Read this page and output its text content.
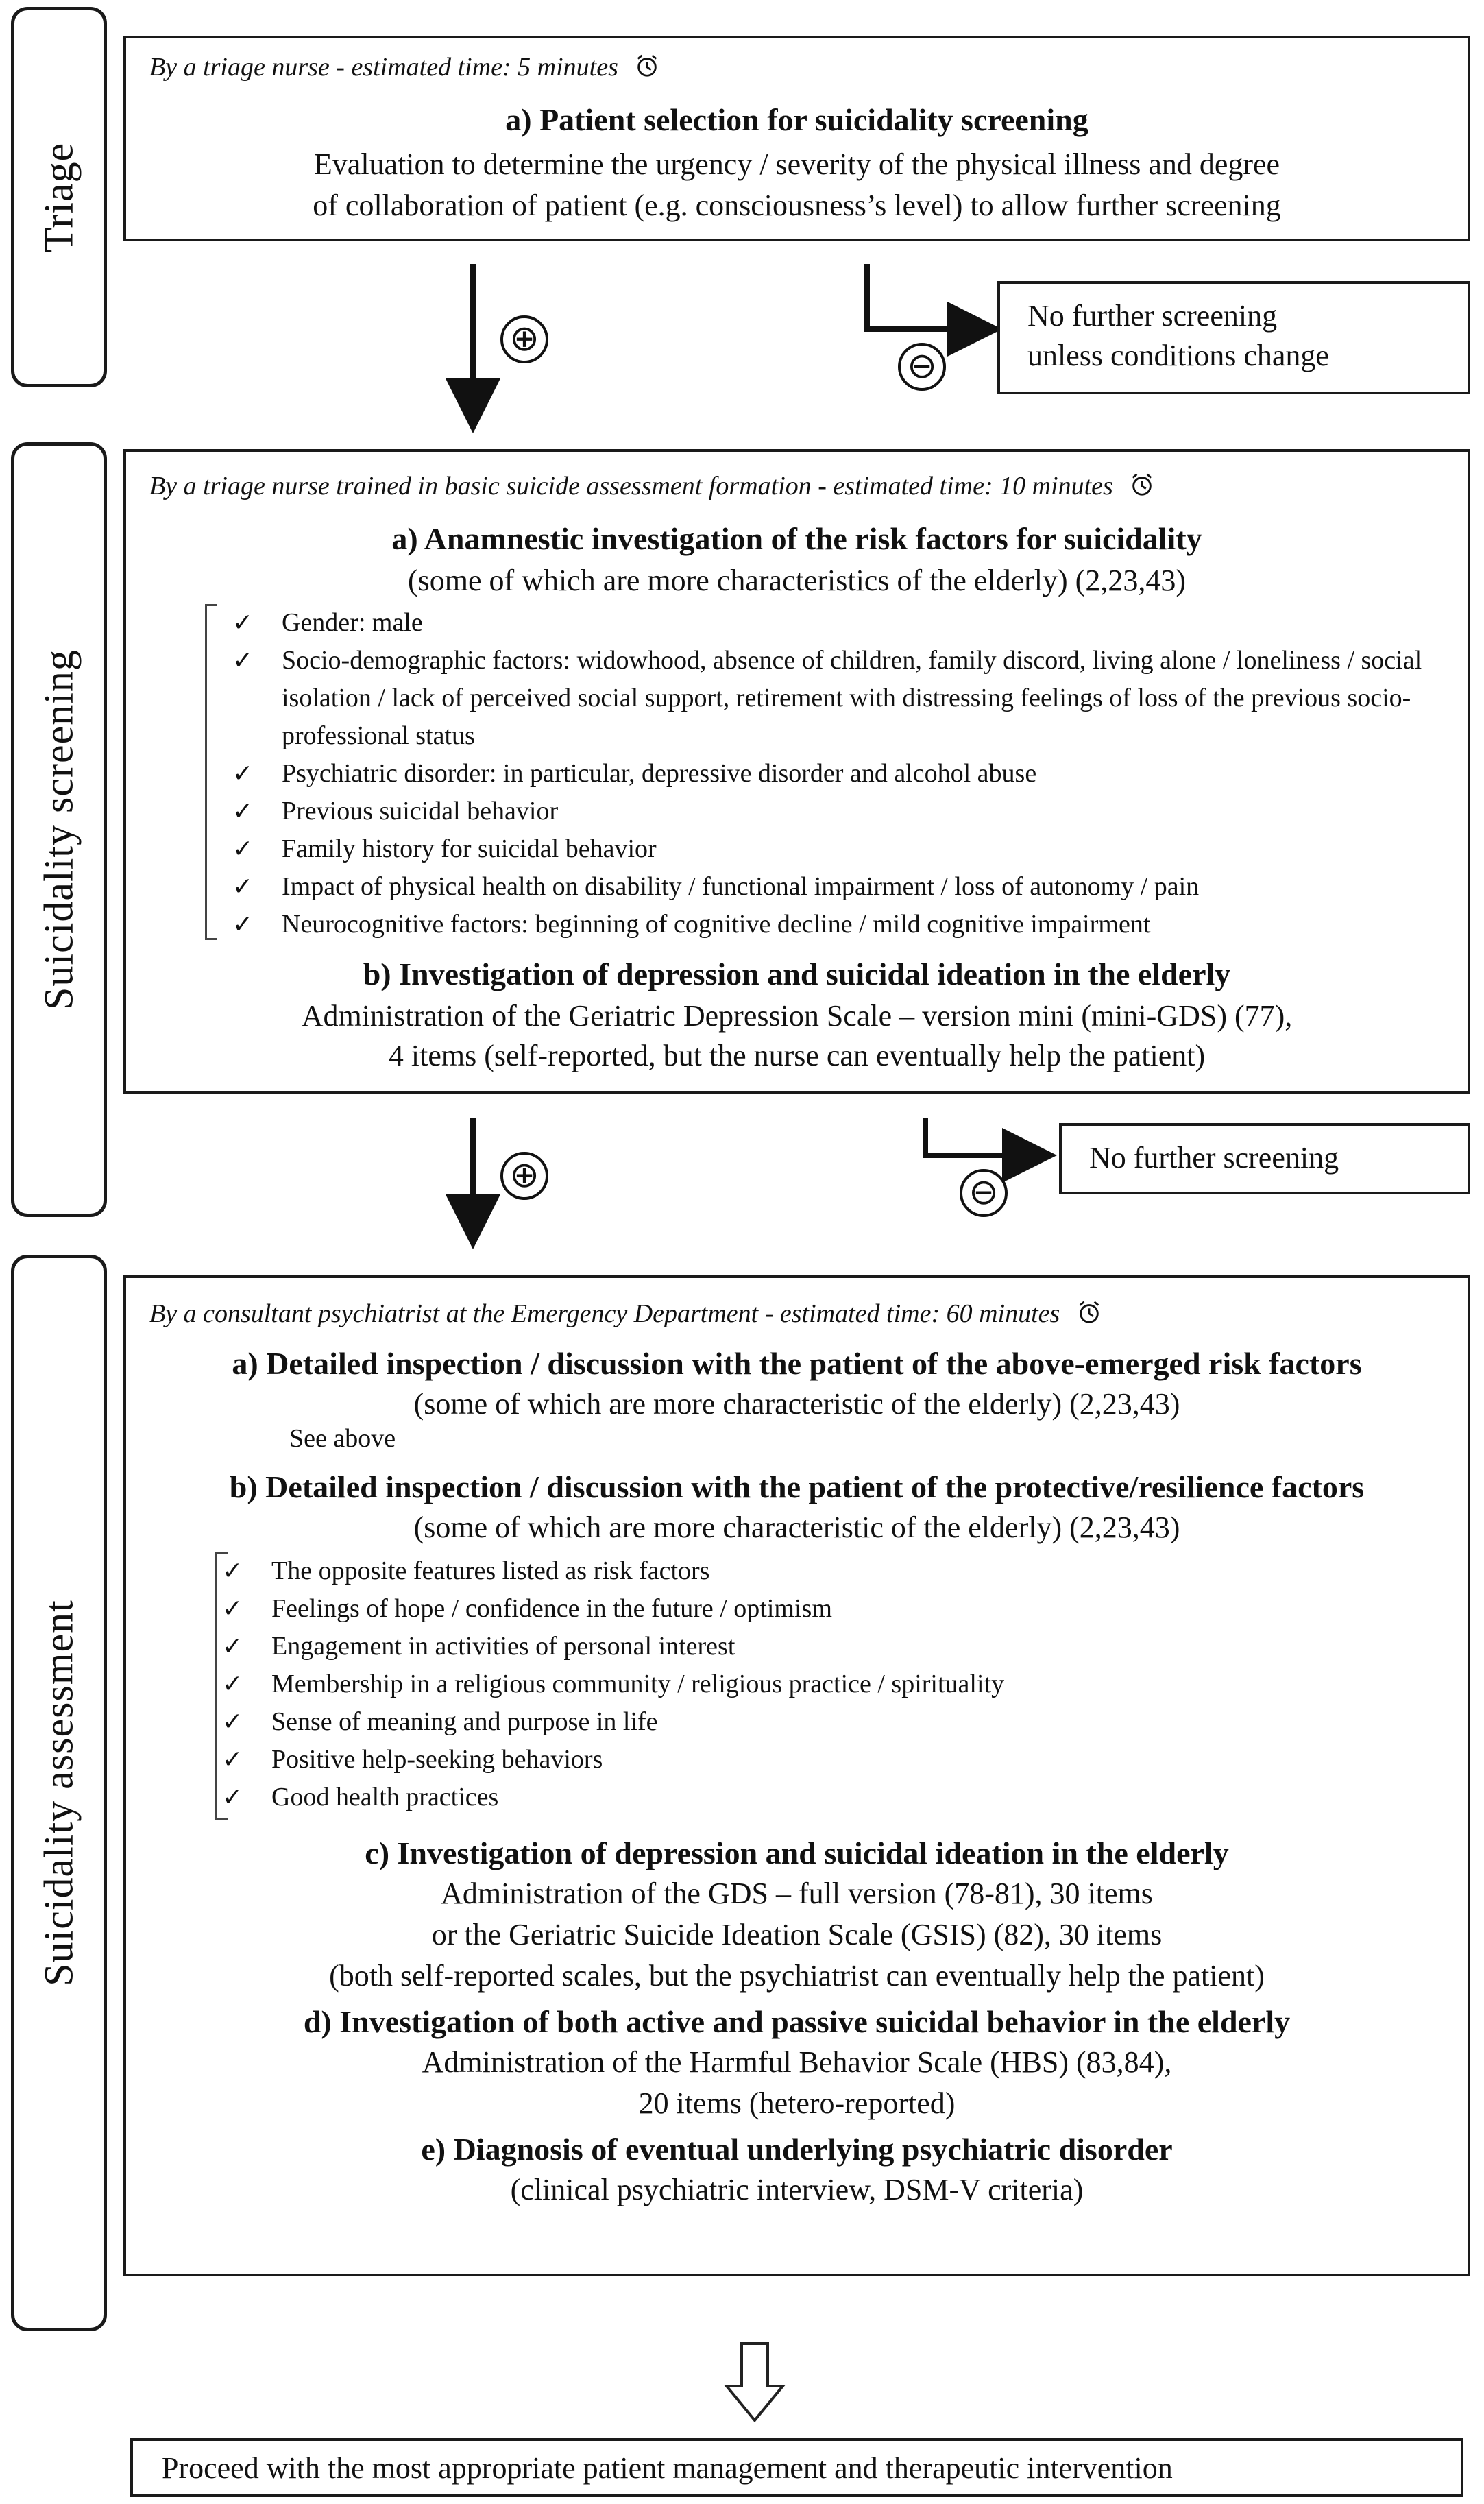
Triage
Suicidality screening
Suicidality assessment
By a triage nurse - estimated time: 5 minutes
a) Patient selection for suicidality screening
Evaluation to determine the urgency / severity of the physical illness and degree
of collaboration of patient (e.g. consciousness’s level) to allow further screening
⊕
⊖
No further screening
unless conditions change
By a triage nurse trained in basic suicide assessment formation - estimated time: 10 minutes
a) Anamnestic investigation of the risk factors for suicidality
(some of which are more characteristics of the elderly) (2,23,43)
✓ Gender: male
✓ Socio-demographic factors: widowhood, absence of children, family discord, living alone / loneliness / social isolation / lack of perceived social support, retirement with distressing feelings of loss of the previous socio-professional status
✓ Psychiatric disorder: in particular, depressive disorder and alcohol abuse
✓ Previous suicidal behavior
✓ Family history for suicidal behavior
✓ Impact of physical health on disability / functional impairment / loss of autonomy / pain
✓ Neurocognitive factors: beginning of cognitive decline / mild cognitive impairment
b) Investigation of depression and suicidal ideation in the elderly
Administration of the Geriatric Depression Scale – version mini (mini-GDS) (77),
4 items (self-reported, but the nurse can eventually help the patient)
⊕	⊖
No further screening
By a consultant psychiatrist at the Emergency Department - estimated time: 60 minutes
a) Detailed inspection / discussion with the patient of the above-emerged risk factors
(some of which are more characteristic of the elderly) (2,23,43)
See above
b) Detailed inspection / discussion with the patient of the protective/resilience factors
(some of which are more characteristic of the elderly) (2,23,43)
✓ The opposite features listed as risk factors
✓ Feelings of hope / confidence in the future / optimism
✓ Engagement in activities of personal interest
✓ Membership in a religious community / religious practice / spirituality
✓ Sense of meaning and purpose in life
✓ Positive help-seeking behaviors
✓ Good health practices
c) Investigation of depression and suicidal ideation in the elderly
Administration of the GDS – full version (78-81), 30 items
or the Geriatric Suicide Ideation Scale (GSIS) (82), 30 items
(both self-reported scales, but the psychiatrist can eventually help the patient)
d) Investigation of both active and passive suicidal behavior in the elderly
Administration of the Harmful Behavior Scale (HBS) (83,84),
20 items (hetero-reported)
e) Diagnosis of eventual underlying psychiatric disorder
(clinical psychiatric interview, DSM-V criteria)
Proceed with the most appropriate patient management and therapeutic intervention
